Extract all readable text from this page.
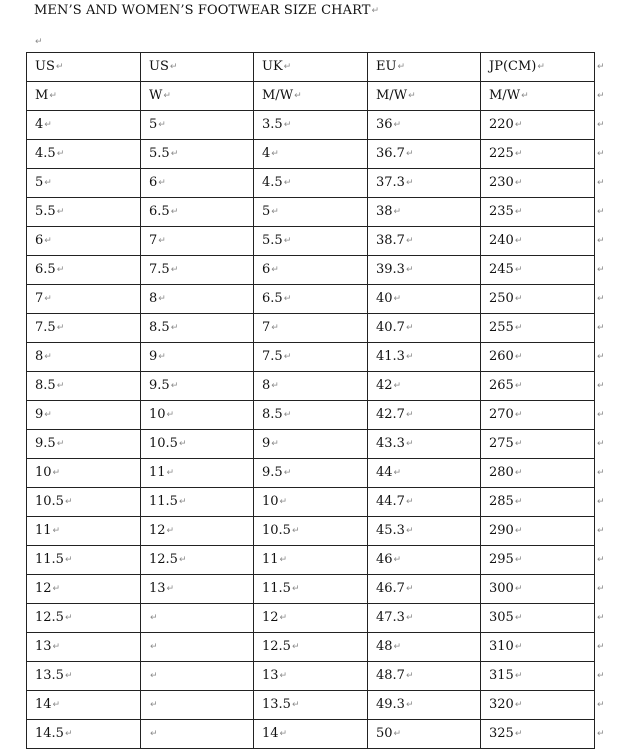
MEN’S AND WOMEN’S FOOTWEAR SIZE CHART↵
↵
US↵	US↵	UK↵	EU↵	JP(CM)↵
M↵	W↵	M/W↵	M/W↵	M/W↵
4↵	5↵	3.5↵	36↵	220↵
4.5↵	5.5↵	4↵	36.7↵	225↵
5↵	6↵	4.5↵	37.3↵	230↵
5.5↵	6.5↵	5↵	38↵	235↵
6↵	7↵	5.5↵	38.7↵	240↵
6.5↵	7.5↵	6↵	39.3↵	245↵
7↵	8↵	6.5↵	40↵	250↵
7.5↵	8.5↵	7↵	40.7↵	255↵
8↵	9↵	7.5↵	41.3↵	260↵
8.5↵	9.5↵	8↵	42↵	265↵
9↵	10↵	8.5↵	42.7↵	270↵
9.5↵	10.5↵	9↵	43.3↵	275↵
10↵	11↵	9.5↵	44↵	280↵
10.5↵	11.5↵	10↵	44.7↵	285↵
11↵	12↵	10.5↵	45.3↵	290↵
11.5↵	12.5↵	11↵	46↵	295↵
12↵	13↵	11.5↵	46.7↵	300↵
12.5↵	↵	12↵	47.3↵	305↵
13↵	↵	12.5↵	48↵	310↵
13.5↵	↵	13↵	48.7↵	315↵
14↵	↵	13.5↵	49.3↵	320↵
14.5↵	↵	14↵	50↵	325↵
↵
↵
↵
↵
↵
↵
↵
↵
↵
↵
↵
↵
↵
↵
↵
↵
↵
↵
↵
↵
↵
↵
↵
↵
